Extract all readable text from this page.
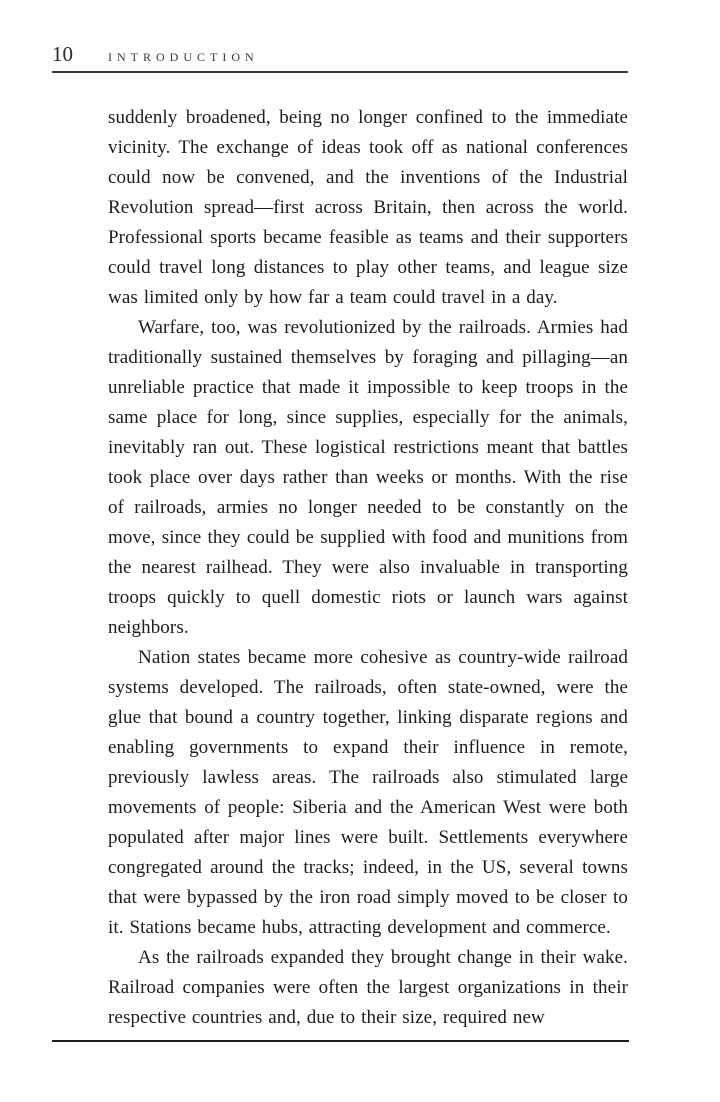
10	INTRODUCTION

suddenly broadened, being no longer confined to the immediate vicinity. The exchange of ideas took off as national conferences could now be convened, and the inventions of the Industrial Revolution spread—first across Britain, then across the world. Professional sports became feasible as teams and their supporters could travel long distances to play other teams, and league size was limited only by how far a team could travel in a day.

Warfare, too, was revolutionized by the railroads. Armies had traditionally sustained themselves by foraging and pillaging—an unreliable practice that made it impossible to keep troops in the same place for long, since supplies, especially for the animals, inevitably ran out. These logistical restrictions meant that battles took place over days rather than weeks or months. With the rise of railroads, armies no longer needed to be constantly on the move, since they could be supplied with food and munitions from the nearest railhead. They were also invaluable in transporting troops quickly to quell domestic riots or launch wars against neighbors.

Nation states became more cohesive as country-wide railroad systems developed. The railroads, often state-owned, were the glue that bound a country together, linking disparate regions and enabling governments to expand their influence in remote, previously lawless areas. The railroads also stimulated large movements of people: Siberia and the American West were both populated after major lines were built. Settlements everywhere congregated around the tracks; indeed, in the US, several towns that were bypassed by the iron road simply moved to be closer to it. Stations became hubs, attracting development and commerce.

As the railroads expanded they brought change in their wake. Railroad companies were often the largest organizations in their respective countries and, due to their size, required new
